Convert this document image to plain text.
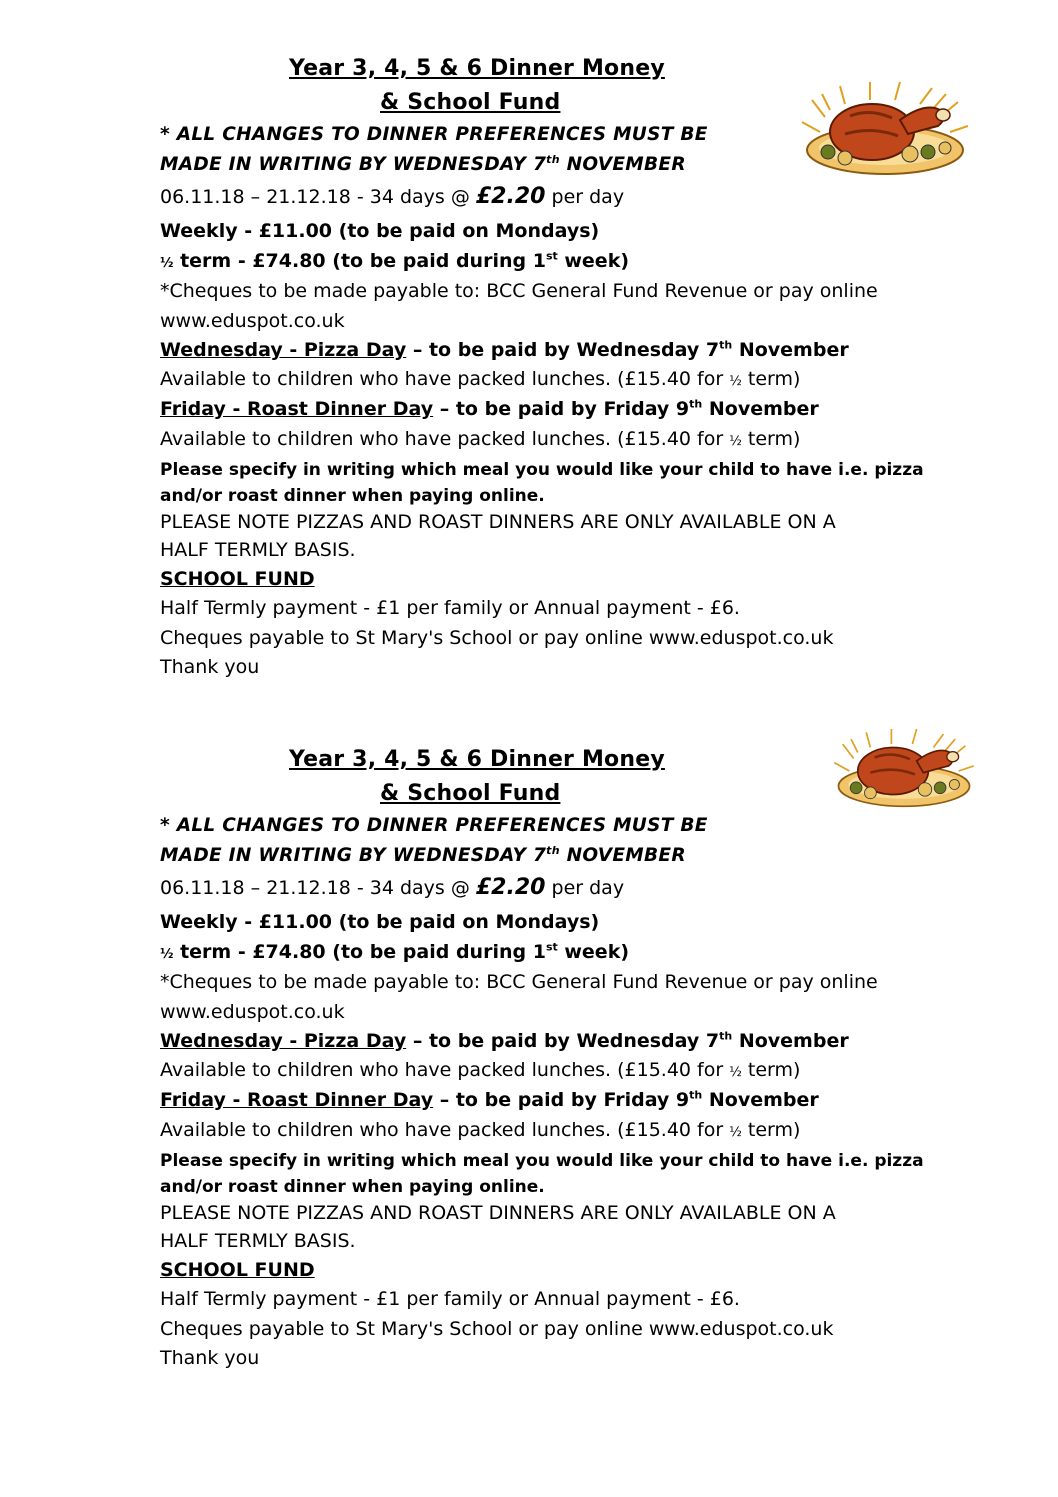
Year 3, 4, 5 & 6 Dinner Money
& School Fund
* ALL CHANGES TO DINNER PREFERENCES MUST BE
MADE IN WRITING BY WEDNESDAY 7th NOVEMBER
06.11.18 – 21.12.18 - 34 days @ £2.20 per day
Weekly - £11.00 (to be paid on Mondays)
½ term - £74.80 (to be paid during 1st week)
*Cheques to be made payable to: BCC General Fund Revenue or pay online
www.eduspot.co.uk
Wednesday - Pizza Day – to be paid by Wednesday 7th November
Available to children who have packed lunches. (£15.40 for ½ term)
Friday - Roast Dinner Day – to be paid by Friday 9th November
Available to children who have packed lunches. (£15.40 for ½ term)
Please specify in writing which meal you would like your child to have i.e. pizza
and/or roast dinner when paying online.
PLEASE NOTE PIZZAS AND ROAST DINNERS ARE ONLY AVAILABLE ON A
HALF TERMLY BASIS.
SCHOOL FUND
Half Termly payment - £1 per family or Annual payment - £6.
Cheques payable to St Mary's School or pay online www.eduspot.co.uk
Thank you
Year 3, 4, 5 & 6 Dinner Money
& School Fund
* ALL CHANGES TO DINNER PREFERENCES MUST BE
MADE IN WRITING BY WEDNESDAY 7th NOVEMBER
06.11.18 – 21.12.18 - 34 days @ £2.20 per day
Weekly - £11.00 (to be paid on Mondays)
½ term - £74.80 (to be paid during 1st week)
*Cheques to be made payable to: BCC General Fund Revenue or pay online
www.eduspot.co.uk
Wednesday - Pizza Day – to be paid by Wednesday 7th November
Available to children who have packed lunches. (£15.40 for ½ term)
Friday - Roast Dinner Day – to be paid by Friday 9th November
Available to children who have packed lunches. (£15.40 for ½ term)
Please specify in writing which meal you would like your child to have i.e. pizza
and/or roast dinner when paying online.
PLEASE NOTE PIZZAS AND ROAST DINNERS ARE ONLY AVAILABLE ON A
HALF TERMLY BASIS.
SCHOOL FUND
Half Termly payment - £1 per family or Annual payment - £6.
Cheques payable to St Mary's School or pay online www.eduspot.co.uk
Thank you
